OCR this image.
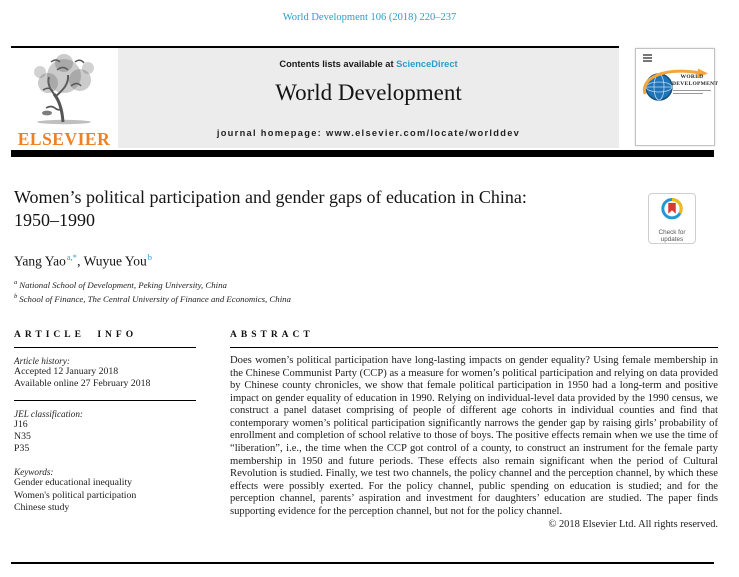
World Development 106 (2018) 220–237
ELSEVIER
Contents lists available at ScienceDirect
World Development
journal homepage: www.elsevier.com/locate/worlddev
WORLD
DEVELOPMENT
Women’s political participation and gender gaps of education in China:
1950–1990
Check for
updates
Yang Yao$^{a,*}$, Wuyue You$^b$
$^a$ National School of Development, Peking University, China
$^b$ School of Finance, The Central University of Finance and Economics, China
ARTICLE INFO
Article history:
Accepted 12 January 2018
Available online 27 February 2018
JEL classification:
J16
N35
P35
Keywords:
Gender educational inequality
Women's political participation
Chinese study
ABSTRACT
Does women’s political participation have long-lasting impacts on gender equality? Using female membership in the Chinese Communist Party (CCP) as a measure for women’s political participation and relying on data provided by Chinese county chronicles, we show that female political participation in 1950 had a long-term and positive impact on gender equality of education in 1990. Relying on individual-level data provided by the 1990 census, we construct a panel dataset comprising of people of different age cohorts in individual counties and find that contemporary women’s political participation significantly narrows the gender gap by raising girls’ probability of enrollment and completion of school relative to those of boys. The positive effects remain when we use the time of “liberation”, i.e., the time when the CCP got control of a county, to construct an instrument for the female party membership in 1950 and future periods. These effects also remain significant when the period of Cultural Revolution is studied. Finally, we test two channels, the policy channel and the perception channel, by which these effects were possibly exerted. For the policy channel, public spending on education is studied; and for the perception channel, parents’ aspiration and investment for daughters’ education are studied. The paper finds supporting evidence for the perception channel, but not for the policy channel.
© 2018 Elsevier Ltd. All rights reserved.
